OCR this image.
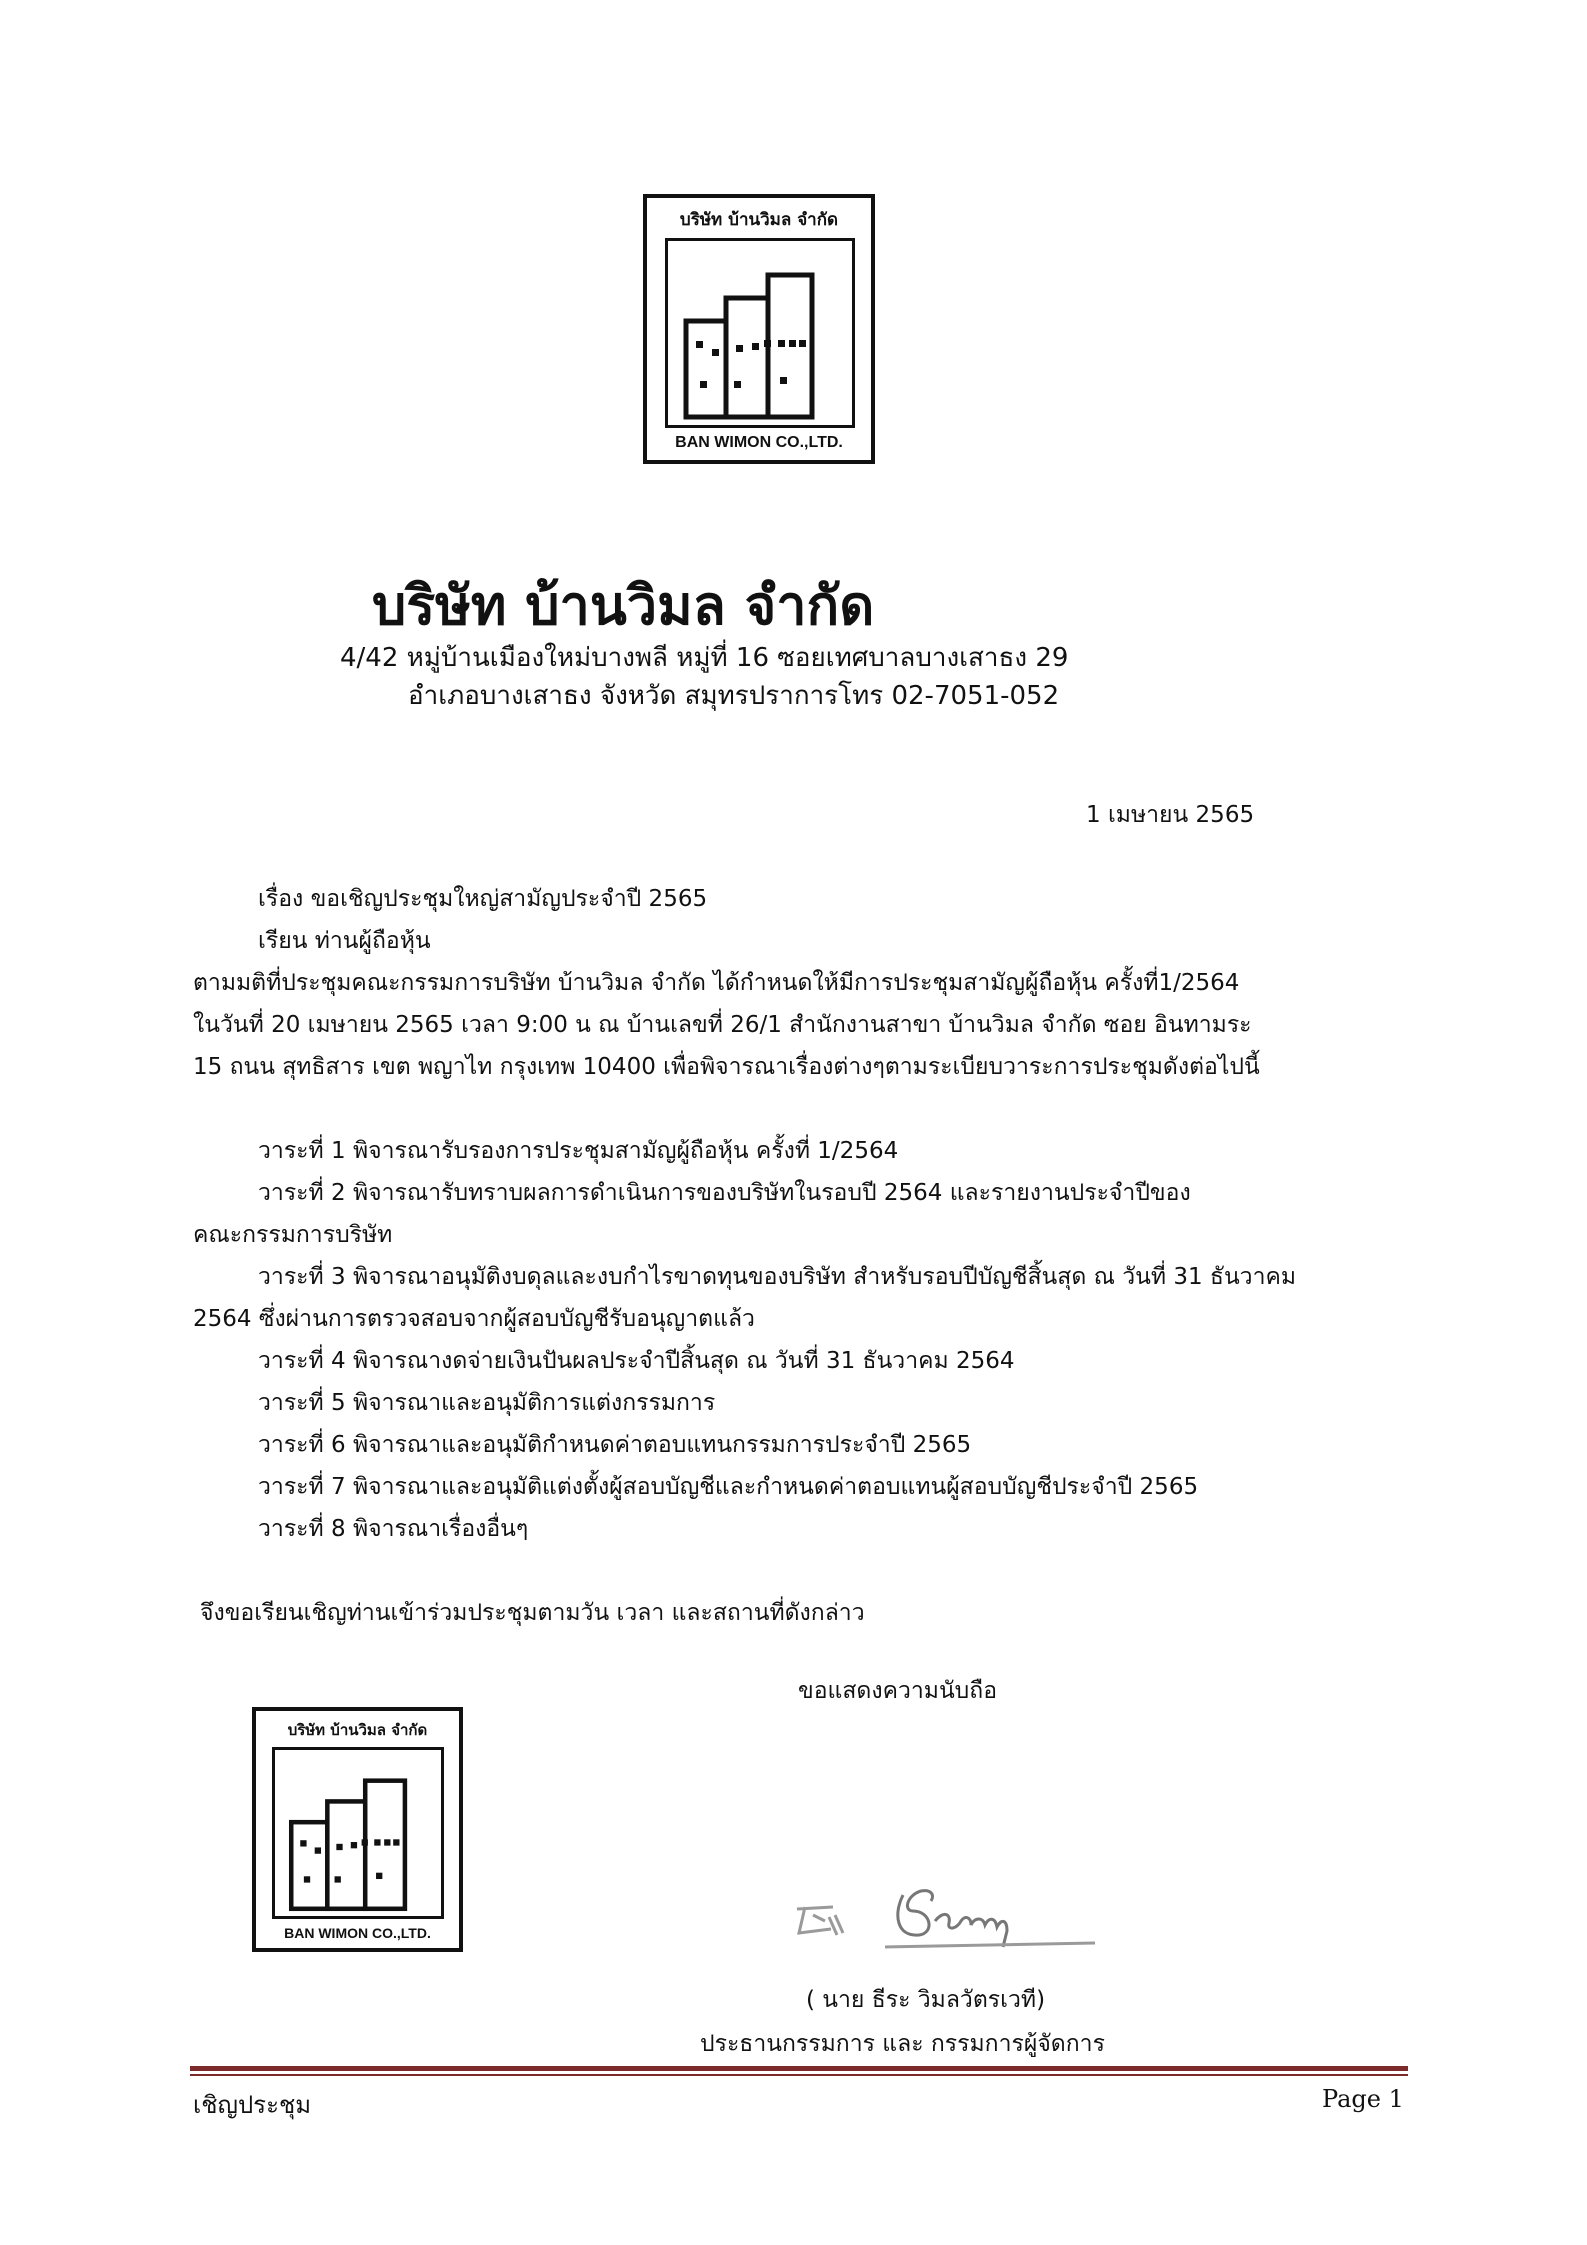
บริษัท บ้านวิมล จำกัด
BAN WIMON CO.,LTD.
บริษัท บ้านวิมล จำกัด
4/42 หมู่บ้านเมืองใหม่บางพลี หมู่ที่ 16 ซอยเทศบาลบางเสาธง 29
อำเภอบางเสาธง จังหวัด สมุทรปราการโทร 02-7051-052
1 เมษายน 2565
เรื่อง ขอเชิญประชุมใหญ่สามัญประจำปี 2565
เรียน ท่านผู้ถือหุ้น
ตามมติที่ประชุมคณะกรรมการบริษัท บ้านวิมล จำกัด ได้กำหนดให้มีการประชุมสามัญผู้ถือหุ้น ครั้งที่1/2564
ในวันที่ 20 เมษายน 2565 เวลา 9:00 น ณ บ้านเลขที่ 26/1 สำนักงานสาขา บ้านวิมล จำกัด ซอย อินทามระ
15 ถนน สุทธิสาร เขต พญาไท กรุงเทพ 10400 เพื่อพิจารณาเรื่องต่างๆตามระเบียบวาระการประชุมดังต่อไปนี้
วาระที่ 1 พิจารณารับรองการประชุมสามัญผู้ถือหุ้น ครั้งที่ 1/2564
วาระที่ 2 พิจารณารับทราบผลการดำเนินการของบริษัทในรอบปี 2564 และรายงานประจำปีของ
คณะกรรมการบริษัท
วาระที่ 3 พิจารณาอนุมัติงบดุลและงบกำไรขาดทุนของบริษัท สำหรับรอบปีบัญชีสิ้นสุด ณ วันที่ 31 ธันวาคม
2564 ซึ่งผ่านการตรวจสอบจากผู้สอบบัญชีรับอนุญาตแล้ว
วาระที่ 4 พิจารณางดจ่ายเงินปันผลประจำปีสิ้นสุด ณ วันที่ 31 ธันวาคม 2564
วาระที่ 5 พิจารณาและอนุมัติการแต่งกรรมการ
วาระที่ 6 พิจารณาและอนุมัติกำหนดค่าตอบแทนกรรมการประจำปี 2565
วาระที่ 7 พิจารณาและอนุมัติแต่งตั้งผู้สอบบัญชีและกำหนดค่าตอบแทนผู้สอบบัญชีประจำปี 2565
วาระที่ 8 พิจารณาเรื่องอื่นๆ
จึงขอเรียนเชิญท่านเข้าร่วมประชุมตามวัน เวลา และสถานที่ดังกล่าว
ขอแสดงความนับถือ
บริษัท บ้านวิมล จำกัด
BAN WIMON CO.,LTD.
( นาย ธีระ วิมลวัตรเวที)
ประธานกรรมการ และ กรรมการผู้จัดการ
เชิญประชุม	Page 1
